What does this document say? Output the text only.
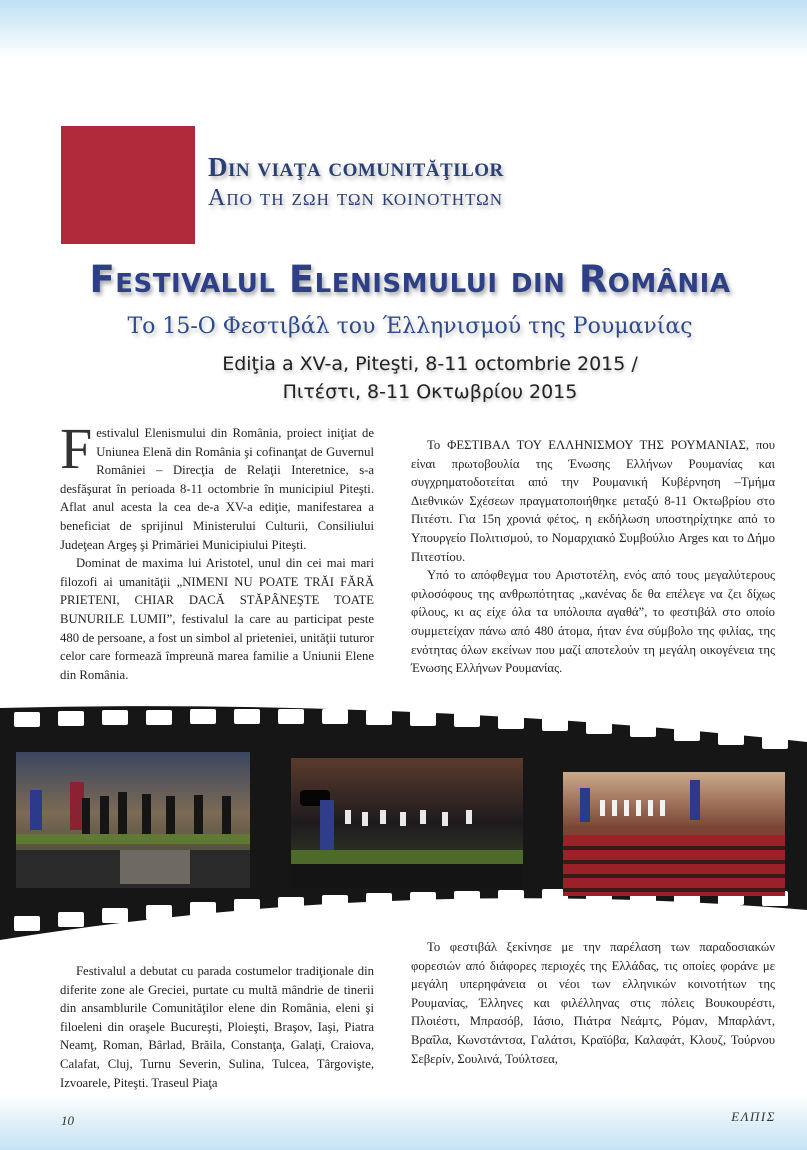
Din viaţa comunităţilor
Απο τη ζωη των κοινοτητων
Festivalul Elenismului din România
Το 15-Ο Φεστιβάλ του Έλληνισμού της Ρουμανίας
Ediţia a XV-a, Piteşti, 8-11 octombrie 2015 /
Πιτέστι, 8-11 Οκτωβρίου 2015

Festivalul Elenismului din România, proiect iniţiat de Uniunea Elenă din România şi cofinanţat de Guvernul României – Direcţia de Relaţii Interetnice, s-a desfăşurat în perioada 8-11 octombrie în municipiul Piteşti. Aflat anul acesta la cea de-a XV-a ediţie, manifestarea a beneficiat de sprijinul Ministerului Culturii, Consiliului Judeţean Argeş şi Primăriei Municipiului Piteşti.

Dominat de maxima lui Aristotel, unul din cei mai mari filozofi ai umanităţii „NIMENI NU POATE TRĂI FĂRĂ PRIETENI, CHIAR DACĂ STĂPÂNEŞTE TOATE BUNURILE LUMII”, festivalul la care au participat peste 480 de persoane, a fost un simbol al prieteniei, unităţii tuturor celor care formează împreună marea familie a Uniunii Elene din România.

Το ΦΕΣΤΙΒΑΛ ΤΟΥ ΕΛΛΗΝΙΣΜΟΥ ΤΗΣ ΡΟΥΜΑΝΙΑΣ, που είναι πρωτοβουλία της Ένωσης Ελλήνων Ρουμανίας και συγχρηματοδοτείται από την Ρουμανική Κυβέρνηση –Τμήμα Διεθνικών Σχέσεων πραγματοποιήθηκε μεταξύ 8-11 Οκτωβρίου στο Πιτέστι. Για 15η χρονιά φέτος, η εκδήλωση υποστηρίχτηκε από το Υπουργείο Πολιτισμού, το Νομαρχιακό Συμβούλιο Arges και το Δήμο Πιτεστίου.

Υπό το απόφθεγμα του Αριστοτέλη, ενός από τους μεγαλύτερους φιλοσόφους της ανθρωπότητας „κανένας δε θα επέλεγε να ζει δίχως φίλους, κι ας είχε όλα τα υπόλοιπα αγαθά”, το φεστιβάλ στο οποίο συμμετείχαν πάνω από 480 άτομα, ήταν ένα σύμβολο της φιλίας, της ενότητας όλων εκείνων που μαζί αποτελούν τη μεγάλη οικογένεια της Ένωσης Ελλήνων Ρουμανίας.

Festivalul a debutat cu parada costumelor tradiţionale din diferite zone ale Greciei, purtate cu multă mândrie de tinerii din ansamblurile Comunităţilor elene din România, eleni şi filoeleni din oraşele Bucureşti, Ploieşti, Braşov, Iaşi, Piatra Neamţ, Roman, Bârlad, Brăila, Constanţa, Galaţi, Craiova, Calafat, Cluj, Turnu Severin, Sulina, Tulcea, Târgovişte, Izvoarele, Piteşti. Traseul Piaţa

Το φεστιβάλ ξεκίνησε με την παρέλαση των παραδοσιακών φορεσιών από διάφορες περιοχές της Ελλάδας, τις οποίες φοράνε με μεγάλη υπερηφάνεια οι νέοι των ελληνικών κοινοτήτων της Ρουμανίας, Έλληνες και φιλέλληνας στις πόλεις Βουκουρέστι, Πλοιέστι, Μπρασόβ, Ιάσιο, Πιάτρα Νεάμτς, Ρόμαν, Μπαρλάντ, Βραΐλα, Κωνστάντσα, Γαλάτσι, Κραϊόβα, Καλαφάτ, Κλουζ, Τούρνου Σεβερίν, Σουλινά, Τούλτσεα,

10	ΕΛΠΙΣ
